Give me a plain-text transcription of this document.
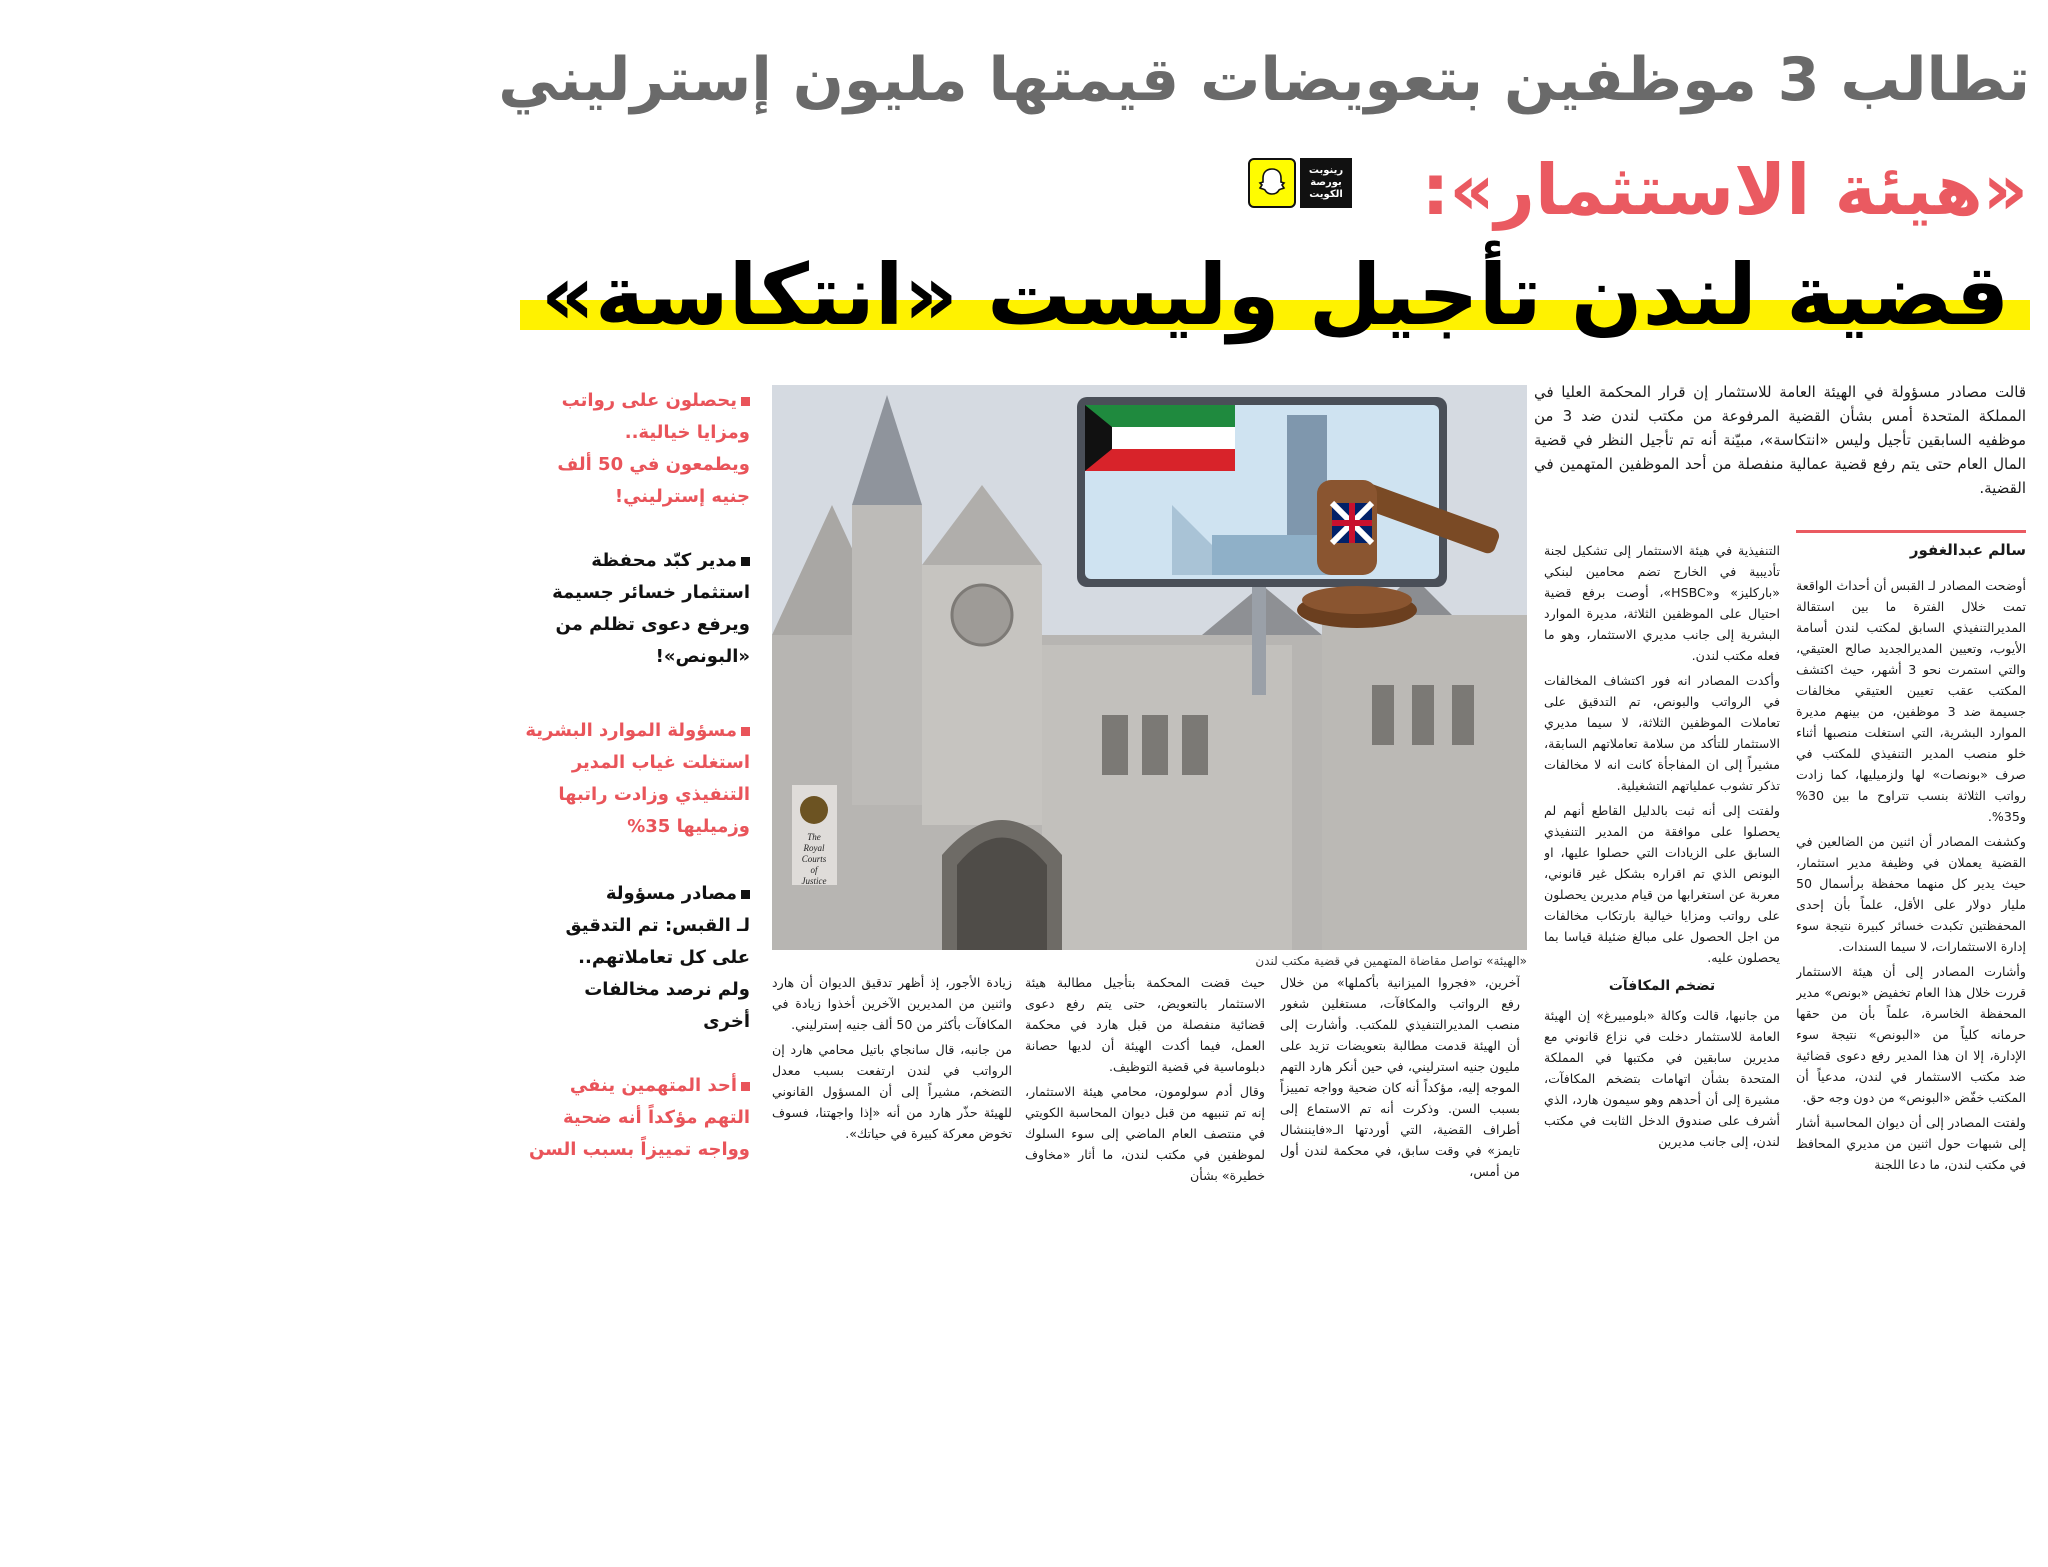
تطالب 3 موظفين بتعويضات قيمتها مليون إسترليني
«هيئة الاستثمار»:
رينوبت
بورصة
الكويت
قضية لندن تأجيل وليست «انتكاسة»
قالت مصادر مسؤولة في الهيئة العامة للاستثمار إن قرار المحكمة العليا في المملكة المتحدة أمس بشأن القضية المرفوعة من مكتب لندن ضد 3 من موظفيه السابقين تأجيل وليس «انتكاسة»، مبيّنة أنه تم تأجيل النظر في قضية المال العام حتى يتم رفع قضية عمالية منفصلة من أحد الموظفين المتهمين في القضية.
سالم عبدالغفور

أوضحت المصادر لـ القبس أن أحداث الواقعة تمت خلال الفترة ما بين استقالة المديرالتنفيذي السابق لمكتب لندن أسامة الأيوب، وتعيين المديرالجديد صالح العتيقي، والتي استمرت نحو 3 أشهر، حيث اكتشف المكتب عقب تعيين العتيقي مخالفات جسيمة ضد 3 موظفين، من بينهم مديرة الموارد البشرية، التي استغلت منصبها أثناء خلو منصب المدير التنفيذي للمكتب في صرف «بونصات» لها ولزميليها، كما زادت رواتب الثلاثة بنسب تتراوح ما بين 30% و35%.

وكشفت المصادر أن اثنين من الضالعين في القضية يعملان في وظيفة مدير استثمار، حيث يدير كل منهما محفظة برأسمال 50 مليار دولار على الأقل، علماً بأن إحدى المحفظتين تكبدت خسائر كبيرة نتيجة سوء إدارة الاستثمارات، لا سيما السندات.

وأشارت المصادر إلى أن هيئة الاستثمار قررت خلال هذا العام تخفيض «بونص» مدير المحفظة الخاسرة، علماً بأن من حقها حرمانه كلياً من «البونص» نتيجة سوء الإدارة، إلا ان هذا المدير رفع دعوى قضائية ضد مكتب الاستثمار في لندن، مدعياً أن المكتب خفّض «البونص» من دون وجه حق.

ولفتت المصادر إلى أن ديوان المحاسبة أشار إلى شبهات حول اثنين من مديري المحافظ في مكتب لندن، ما دعا اللجنة

التنفيذية في هيئة الاستثمار إلى تشكيل لجنة تأديبية في الخارج تضم محامين لبنكي «باركليز» و«HSBC»، أوصت برفع قضية احتيال على الموظفين الثلاثة، مديرة الموارد البشرية إلى جانب مديري الاستثمار، وهو ما فعله مكتب لندن.

وأكدت المصادر انه فور اكتشاف المخالفات في الرواتب والبونص، تم التدقيق على تعاملات الموظفين الثلاثة، لا سيما مديري الاستثمار للتأكد من سلامة تعاملاتهم السابقة، مشيراً إلى ان المفاجأة كانت انه لا مخالفات تذكر تشوب عملياتهم التشغيلية.

ولفتت إلى أنه ثبت بالدليل القاطع أنهم لم يحصلوا على موافقة من المدير التنفيذي السابق على الزيادات التي حصلوا عليها، او البونص الذي تم اقراره بشكل غير قانوني، معربة عن استغرابها من قيام مديرين يحصلون على رواتب ومزايا خيالية بارتكاب مخالفات من اجل الحصول على مبالغ ضئيلة قياسا بما يحصلون عليه.

تضخم المكافآت

من جانبها، قالت وكالة «بلومبيرغ» إن الهيئة العامة للاستثمار دخلت في نزاع قانوني مع مديرين سابقين في مكتبها في المملكة المتحدة بشأن اتهامات بتضخم المكافآت، مشيرة إلى أن أحدهم وهو سيمون هارد، الذي أشرف على صندوق الدخل الثابت في مكتب لندن، إلى جانب مديرين

The
Royal
Courts
of
Justice
«الهيئة» تواصل مقاضاة المتهمين في قضية مكتب لندن

آخرين، «فجروا الميزانية بأكملها» من خلال رفع الرواتب والمكافآت، مستغلين شغور منصب المديرالتنفيذي للمكتب. وأشارت إلى أن الهيئة قدمت مطالبة بتعويضات تزيد على مليون جنيه استرليني، في حين أنكر هارد التهم الموجه إليه، مؤكداً أنه كان ضحية وواجه تمييزاً بسبب السن. وذكرت أنه تم الاستماع إلى أطراف القضية، التي أوردتها الـ«فايننشال تايمز» في وقت سابق، في محكمة لندن أول من أمس،

حيث قضت المحكمة بتأجيل مطالبة هيئة الاستثمار بالتعويض، حتى يتم رفع دعوى قضائية منفصلة من قبل هارد في محكمة العمل، فيما أكدت الهيئة أن لديها حصانة دبلوماسية في قضية التوظيف.

وقال أدم سولومون، محامي هيئة الاستثمار، إنه تم تنبيهه من قبل ديوان المحاسبة الكويتي في منتصف العام الماضي إلى سوء السلوك لموظفين في مكتب لندن، ما أثار «مخاوف خطيرة» بشأن

زيادة الأجور، إذ أظهر تدقيق الديوان أن هارد واثنين من المديرين الآخرين أخذوا زيادة في المكافآت بأكثر من 50 ألف جنيه إسترليني.

من جانبه، قال سانجاي باتيل محامي هارد إن الرواتب في لندن ارتفعت بسبب معدل التضخم، مشيراً إلى أن المسؤول القانوني للهيئة حذّر هارد من أنه «إذا واجهتنا، فسوف تخوض معركة كبيرة في حياتك».

يحصلون على رواتب

ومزايا خيالية..

ويطمعون في 50 ألف

جنيه إسترليني!

مدير كبّد محفظة

استثمار خسائر جسيمة

ويرفع دعوى تظلم من

«البونص»!

مسؤولة الموارد البشرية

استغلت غياب المدير

التنفيذي وزادت راتبها

وزميليها 35%

مصادر مسؤولة

لـ القبس: تم التدقيق

على كل تعاملاتهم..

ولم نرصد مخالفات

أخرى

أحد المتهمين ينفي

التهم مؤكداً أنه ضحية

وواجه تمييزاً بسبب السن
